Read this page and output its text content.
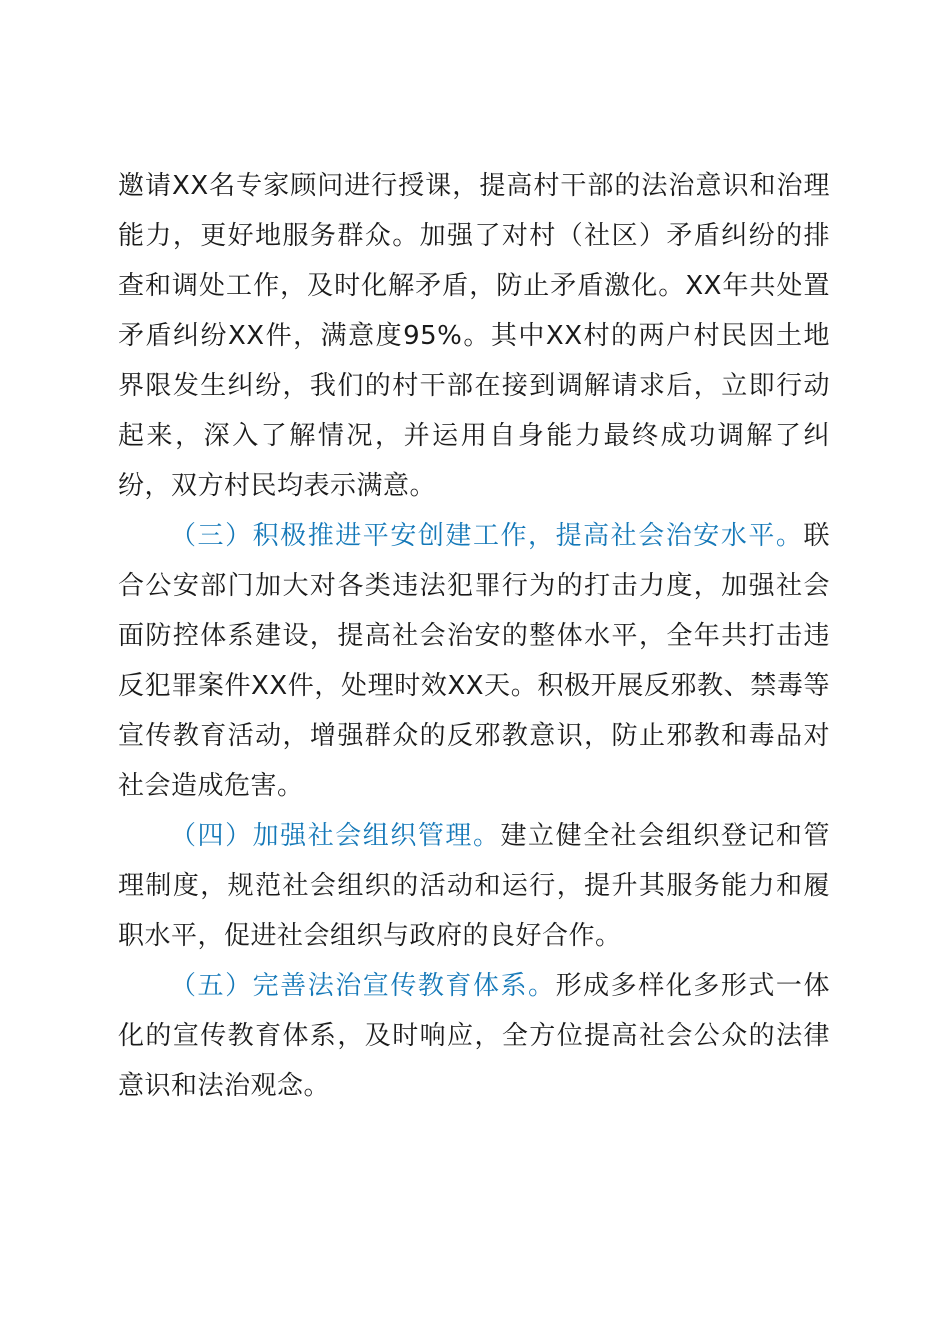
邀请XX名专家顾问进行授课，提高村干部的法治意识和治理能力，更好地服务群众。加强了对村（社区）矛盾纠纷的排查和调处工作，及时化解矛盾，防止矛盾激化。XX年共处置矛盾纠纷XX件，满意度95%。其中XX村的两户村民因土地界限发生纠纷，我们的村干部在接到调解请求后，立即行动起来，深入了解情况，并运用自身能力最终成功调解了纠纷，双方村民均表示满意。

（三）积极推进平安创建工作，提高社会治安水平。联合公安部门加大对各类违法犯罪行为的打击力度，加强社会面防控体系建设，提高社会治安的整体水平，全年共打击违反犯罪案件XX件，处理时效XX天。积极开展反邪教、禁毒等宣传教育活动，增强群众的反邪教意识，防止邪教和毒品对社会造成危害。

（四）加强社会组织管理。建立健全社会组织登记和管理制度，规范社会组织的活动和运行，提升其服务能力和履职水平，促进社会组织与政府的良好合作。

（五）完善法治宣传教育体系。形成多样化多形式一体化的宣传教育体系，及时响应，全方位提高社会公众的法律意识和法治观念。
